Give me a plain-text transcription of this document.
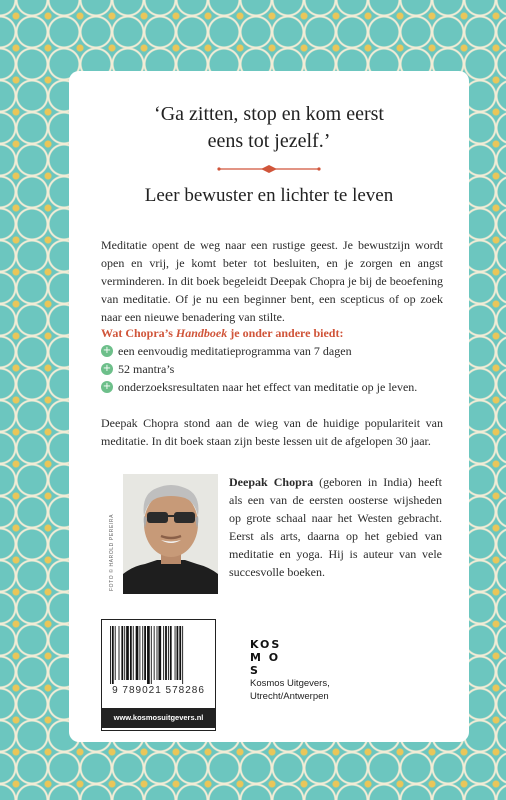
‘Ga zitten, stop en kom eerst
eens tot jezelf.’
Leer bewuster en lichter te leven
Meditatie opent de weg naar een rustige geest. Je bewustzijn wordt open en vrij, je komt beter tot besluiten, en je zorgen en angst verminderen. In dit boek begeleidt Deepak Chopra je bij de beoefening van meditatie. Of je nu een beginner bent, een scepticus of op zoek naar een nieuwe benadering van stilte.
Wat Chopra’s Handboek je onder andere biedt:
+ een eenvoudig meditatieprogramma van 7 dagen
+ 52 mantra’s
+ onderzoeksresultaten naar het effect van meditatie op je leven.
Deepak Chopra stond aan de wieg van de huidige populariteit van meditatie. In dit boek staan zijn beste lessen uit de afgelopen 30 jaar.
FOTO © HAROLD PEREIRA
Deepak Chopra (geboren in India) heeft als een van de eersten oosterse wijsheden op grote schaal naar het Westen gebracht. Eerst als arts, daarna op het gebied van meditatie en yoga. Hij is auteur van vele succesvolle boeken.
9 789021 578286
www.kosmosuitgevers.nl
KOS
M O S
Kosmos Uitgevers,
Utrecht/Antwerpen
